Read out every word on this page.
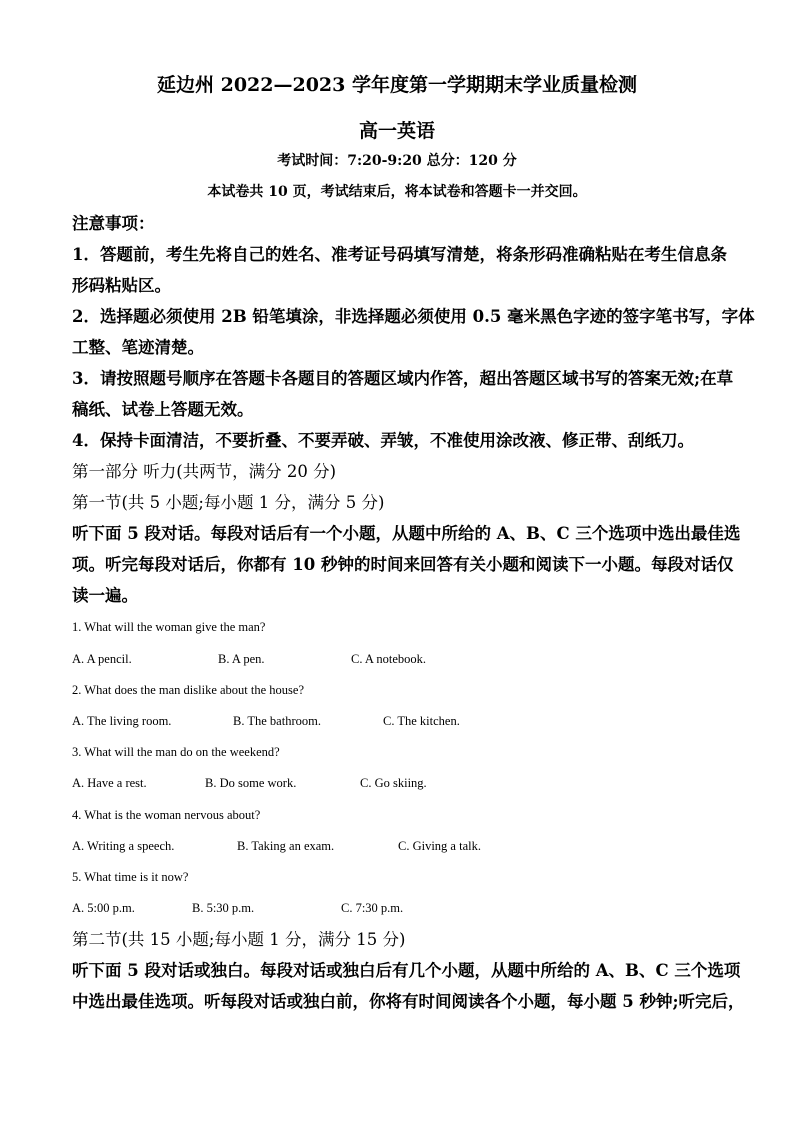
延边州 2022—2023 学年度第一学期期末学业质量检测
高一英语
考试时间：7:20-9:20 总分：120 分
本试卷共 10 页，考试结束后，将本试卷和答题卡一并交回。
注意事项：
1．答题前，考生先将自己的姓名、准考证号码填写清楚，将条形码准确粘贴在考生信息条
形码粘贴区。
2．选择题必须使用 2B 铅笔填涂，非选择题必须使用 0.5 毫米黑色字迹的签字笔书写，字体
工整、笔迹清楚。
3．请按照题号顺序在答题卡各题目的答题区域内作答，超出答题区域书写的答案无效;在草
稿纸、试卷上答题无效。
4．保持卡面清洁，不要折叠、不要弄破、弄皱，不准使用涂改液、修正带、刮纸刀。
第一部分 听力(共两节，满分 20 分)
第一节(共 5 小题;每小题 1 分，满分 5 分)
听下面 5 段对话。每段对话后有一个小题，从题中所给的 A、B、C 三个选项中选出最佳选
项。听完每段对话后，你都有 10 秒钟的时间来回答有关小题和阅读下一小题。每段对话仅
读一遍。
1. What will the woman give the man?
A. A pencil.	B. A pen.	C. A notebook.
2. What does the man dislike about the house?
A. The living room.	B. The bathroom.	C. The kitchen.
3. What will the man do on the weekend?
A. Have a rest.	B. Do some work.	C. Go skiing.
4. What is the woman nervous about?
A. Writing a speech.	B. Taking an exam.	C. Giving a talk.
5. What time is it now?
A. 5:00 p.m.	B. 5:30 p.m.	C. 7:30 p.m.
第二节(共 15 小题;每小题 1 分，满分 15 分)
听下面 5 段对话或独白。每段对话或独白后有几个小题，从题中所给的 A、B、C 三个选项
中选出最佳选项。听每段对话或独白前，你将有时间阅读各个小题，每小题 5 秒钟;听完后，
